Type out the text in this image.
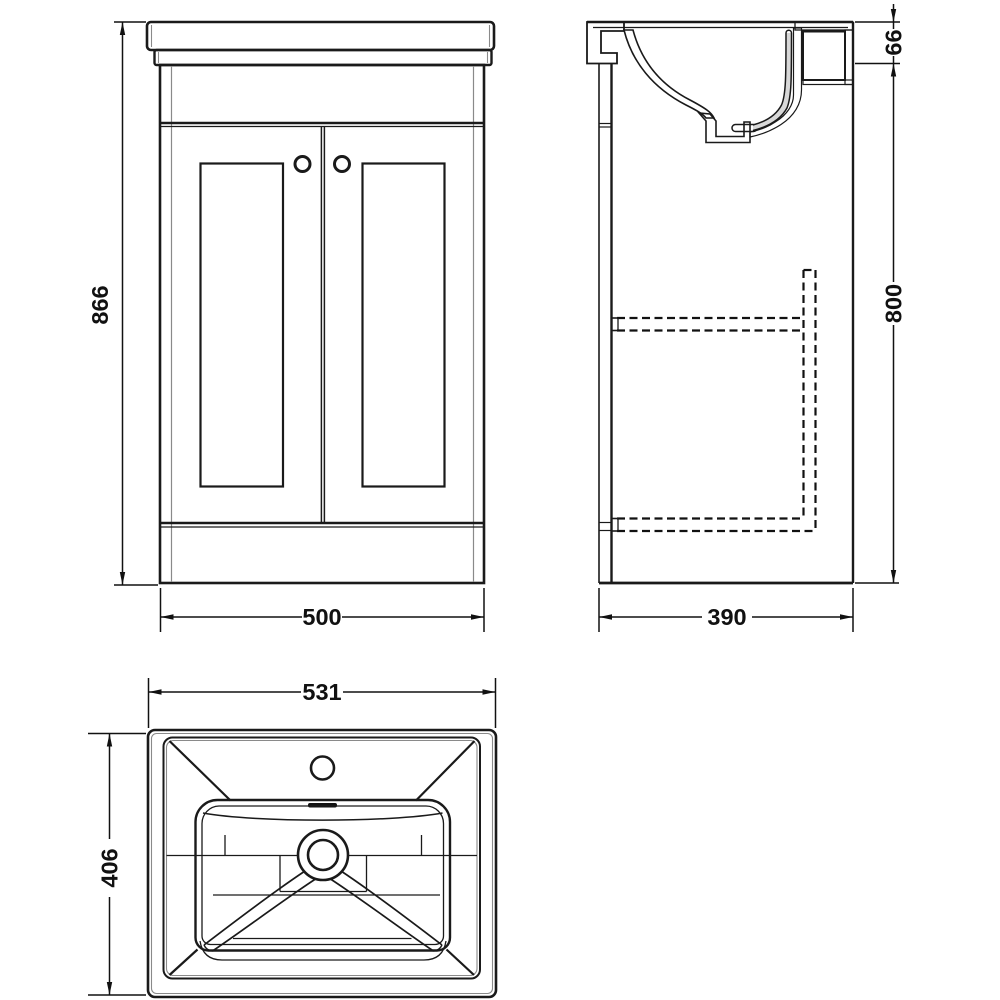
866
500	390
66
800
531
406
